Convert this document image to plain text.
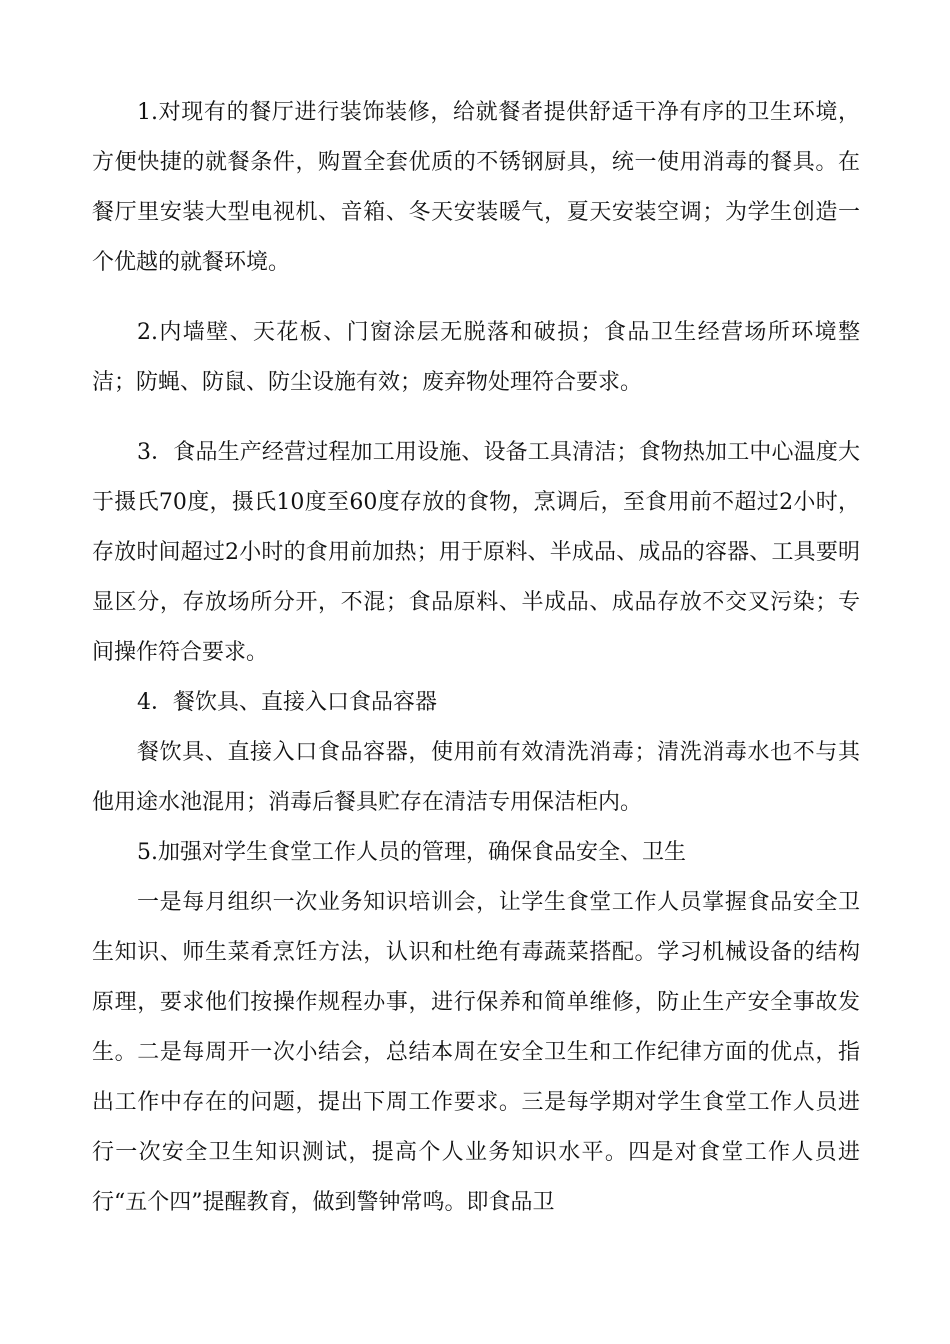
1.对现有的餐厅进行装饰装修，给就餐者提供舒适干净有序的卫生环境，方便快捷的就餐条件，购置全套优质的不锈钢厨具，统一使用消毒的餐具。在餐厅里安装大型电视机、音箱、冬天安装暖气，夏天安装空调；为学生创造一个优越的就餐环境。

2.内墙壁、天花板、门窗涂层无脱落和破损；食品卫生经营场所环境整洁；防蝇、防鼠、防尘设施有效；废弃物处理符合要求。

3．食品生产经营过程加工用设施、设备工具清洁；食物热加工中心温度大于摄氏70度，摄氏10度至60度存放的食物，烹调后，至食用前不超过2小时，存放时间超过2小时的食用前加热；用于原料、半成品、成品的容器、工具要明显区分，存放场所分开，不混；食品原料、半成品、成品存放不交叉污染；专间操作符合要求。

4．餐饮具、直接入口食品容器

餐饮具、直接入口食品容器，使用前有效清洗消毒；清洗消毒水也不与其他用途水池混用；消毒后餐具贮存在清洁专用保洁柜内。

5.加强对学生食堂工作人员的管理，确保食品安全、卫生

一是每月组织一次业务知识培训会，让学生食堂工作人员掌握食品安全卫生知识、师生菜肴烹饪方法，认识和杜绝有毒蔬菜搭配。学习机械设备的结构原理，要求他们按操作规程办事，进行保养和简单维修，防止生产安全事故发生。二是每周开一次小结会，总结本周在安全卫生和工作纪律方面的优点，指出工作中存在的问题，提出下周工作要求。三是每学期对学生食堂工作人员进行一次安全卫生知识测试，提高个人业务知识水平。四是对食堂工作人员进行“五个四”提醒教育，做到警钟常鸣。即食品卫
